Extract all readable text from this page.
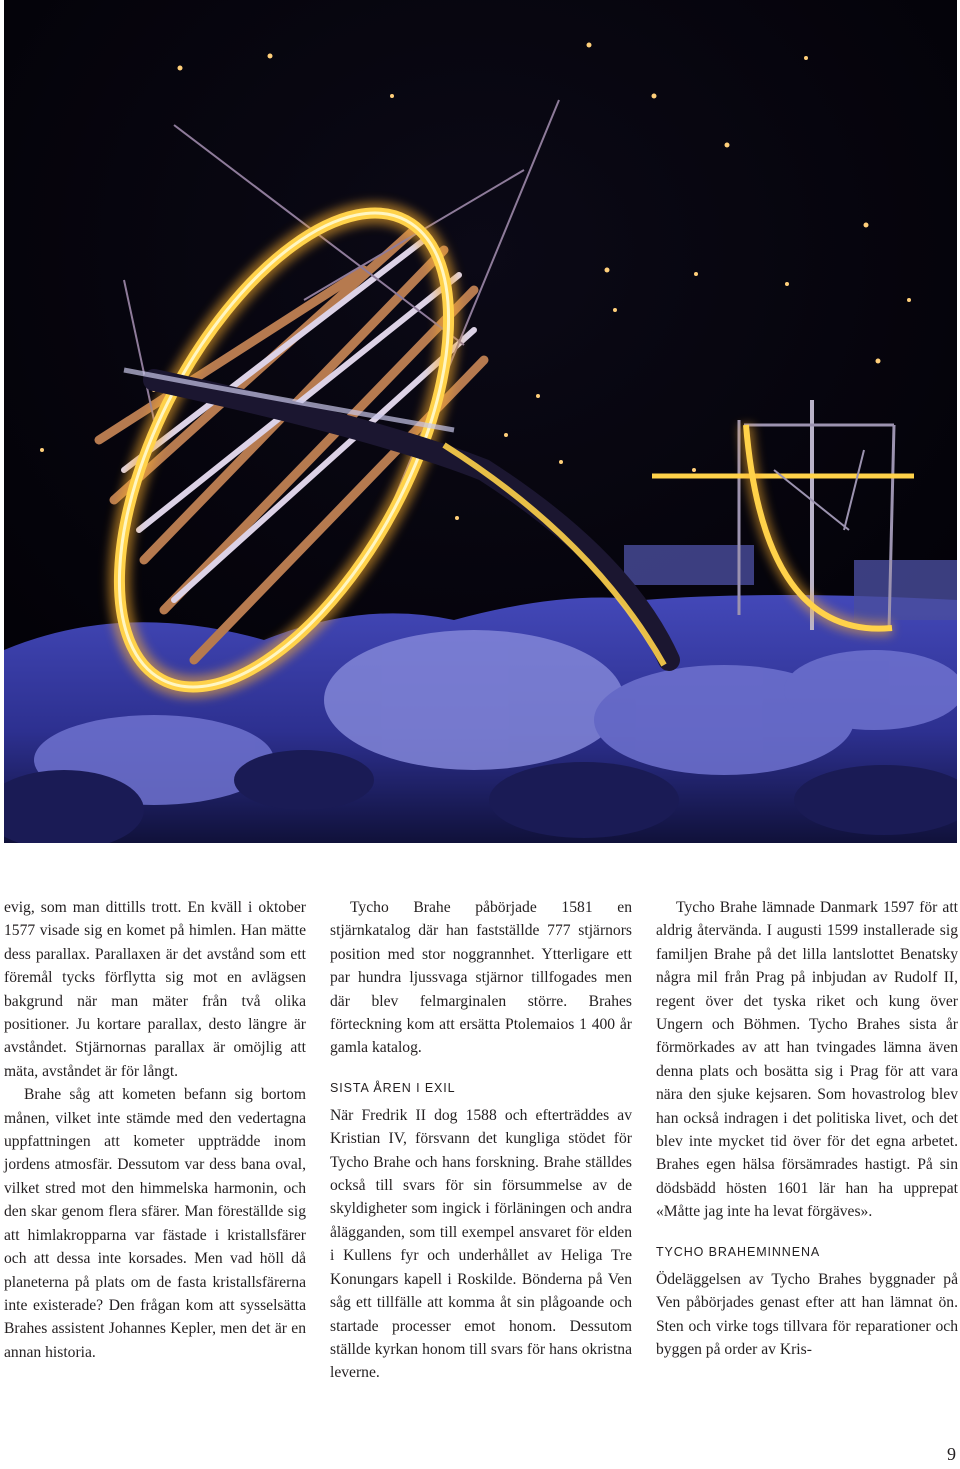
evig, som man dittills trott. En kväll i oktober 1577 visade sig en komet på himlen. Han mätte dess parallax. Parallaxen är det avstånd som ett föremål tycks förflytta sig mot en avlägsen bakgrund när man mäter från två olika positioner. Ju kortare parallax, desto längre är avståndet. Stjärnornas parallax är omöjlig att mäta, avståndet är för långt.

Brahe såg att kometen befann sig bortom månen, vilket inte stämde med den vedertagna uppfattningen att kometer uppträdde inom jordens atmosfär. Dessutom var dess bana oval, vilket stred mot den himmelska harmonin, och den skar genom flera sfärer. Man föreställde sig att himlakropparna var fästade i kristallsfärer och att dessa inte korsades. Men vad höll då planeterna på plats om de fasta kristallsfärerna inte existerade? Den frågan kom att sysselsätta Brahes assistent Johannes Kepler, men det är en annan historia.

Tycho Brahe påbörjade 1581 en stjärnkatalog där han fastställde 777 stjärnors position med stor noggrannhet. Ytterligare ett par hundra ljussvaga stjärnor tillfogades men där blev felmarginalen större. Brahes förteckning kom att ersätta Ptolemaios 1 400 år gamla katalog.

SISTA ÅREN I EXIL

När Fredrik II dog 1588 och efterträddes av Kristian IV, försvann det kungliga stödet för Tycho Brahe och hans forskning. Brahe ställdes också till svars för sin försummelse av de skyldigheter som ingick i förläningen och andra ålägganden, som till exempel ansvaret för elden i Kullens fyr och underhållet av Heliga Tre Konungars kapell i Roskilde. Bönderna på Ven såg ett tillfälle att komma åt sin plågoande och startade processer emot honom. Dessutom ställde kyrkan honom till svars för hans okristna leverne.

Tycho Brahe lämnade Danmark 1597 för att aldrig återvända. I augusti 1599 installerade sig familjen Brahe på det lilla lantslottet Benatsky några mil från Prag på inbjudan av Rudolf II, regent över det tyska riket och kung över Ungern och Böhmen. Tycho Brahes sista år förmörkades av att han tvingades lämna även denna plats och bosätta sig i Prag för att vara nära den sjuke kejsaren. Som hovastrolog blev han också indragen i det politiska livet, och det blev inte mycket tid över för det egna arbetet. Brahes egen hälsa försämrades hastigt. På sin dödsbädd hösten 1601 lär han ha upprepat «Måtte jag inte ha levat förgäves».

TYCHO BRAHEMINNENA

Ödeläggelsen av Tycho Brahes byggnader på Ven påbörjades genast efter att han lämnat ön. Sten och virke togs tillvara för reparationer och byggen på order av Kris-

9
